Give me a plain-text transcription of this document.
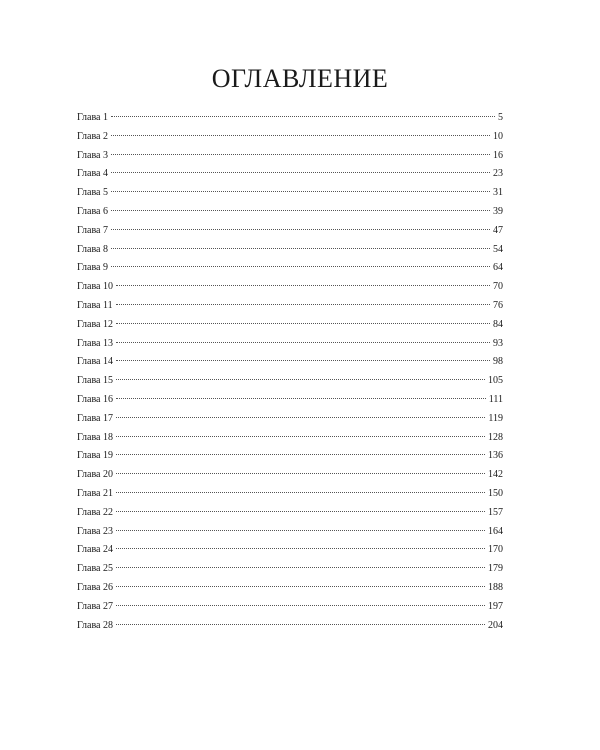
ОГЛАВЛЕНИЕ
Глава 1	5
Глава 2	10
Глава 3	16
Глава 4	23
Глава 5	31
Глава 6	39
Глава 7	47
Глава 8	54
Глава 9	64
Глава 10	70
Глава 11	76
Глава 12	84
Глава 13	93
Глава 14	98
Глава 15	105
Глава 16	111
Глава 17	119
Глава 18	128
Глава 19	136
Глава 20	142
Глава 21	150
Глава 22	157
Глава 23	164
Глава 24	170
Глава 25	179
Глава 26	188
Глава 27	197
Глава 28	204
